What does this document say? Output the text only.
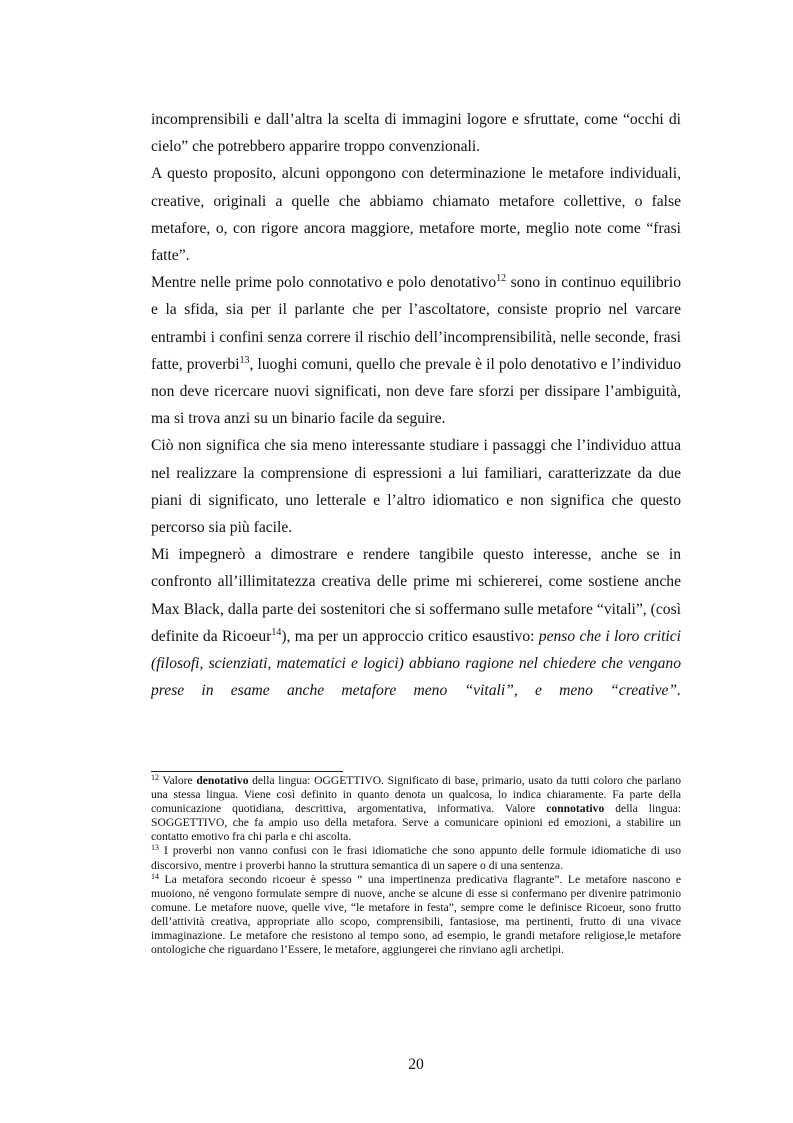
incomprensibili e dall’altra la scelta di immagini logore e sfruttate, come “occhi di cielo” che potrebbero apparire troppo convenzionali.

A questo proposito, alcuni oppongono con determinazione le metafore individuali, creative, originali a quelle che abbiamo chiamato metafore collettive, o false metafore, o, con rigore ancora maggiore, metafore morte, meglio note come “frasi fatte”.

Mentre nelle prime polo connotativo e polo denotativo$^{12}$ sono in continuo equilibrio e la sfida, sia per il parlante che per l’ascoltatore, consiste proprio nel varcare entrambi i confini senza correre il rischio dell’incomprensibilità, nelle seconde, frasi fatte, proverbi$^{13}$, luoghi comuni, quello che prevale è il polo denotativo e l’individuo non deve ricercare nuovi significati, non deve fare sforzi per dissipare l’ambiguità, ma si trova anzi su un binario facile da seguire.

Ciò non significa che sia meno interessante studiare i passaggi che l’individuo attua nel realizzare la comprensione di espressioni a lui familiari, caratterizzate da due piani di significato, uno letterale e l’altro idiomatico e non significa che questo percorso sia più facile.

Mi impegnerò a dimostrare e rendere tangibile questo interesse, anche se in confronto all’illimitatezza creativa delle prime mi schiererei, come sostiene anche Max Black, dalla parte dei sostenitori che si soffermano sulle metafore “vitali”, (così definite da Ricoeur$^{14}$), ma per un approccio critico esaustivo: penso che i loro critici (filosofi, scienziati, matematici e logici) abbiano ragione nel chiedere che vengano prese in esame anche metafore meno “vitali”, e meno “creative”.

$^{12}$ Valore denotativo della lingua: OGGETTIVO. Significato di base, primario, usato da tutti coloro che parlano una stessa lingua. Viene così definito in quanto denota un qualcosa, lo indica chiaramente. Fa parte della comunicazione quotidiana, descrittiva, argomentativa, informativa. Valore connotativo della lingua: SOGGETTIVO, che fa ampio uso della metafora. Serve a comunicare opinioni ed emozioni, a stabilire un contatto emotivo fra chi parla e chi ascolta.

$^{13}$ I proverbi non vanno confusi con le frasi idiomatiche che sono appunto delle formule idiomatiche di uso discorsivo, mentre i proverbi hanno la struttura semantica di un sapere o di una sentenza.

$^{14}$ La metafora secondo ricoeur è spesso “ una impertinenza predicativa flagrante”. Le metafore nascono e muoiono, né vengono formulate sempre di nuove, anche se alcune di esse si confermano per divenire patrimonio comune. Le metafore nuove, quelle vive, “le metafore in festa”, sempre come le definisce Ricoeur, sono frutto dell’attività creativa, appropriate allo scopo, comprensibili, fantasiose, ma pertinenti, frutto di una vivace immaginazione. Le metafore che resistono al tempo sono, ad esempio, le grandi metafore religiose,le metafore ontologiche che riguardano l’Essere, le metafore, aggiungerei che rinviano agli archetipi.

20
